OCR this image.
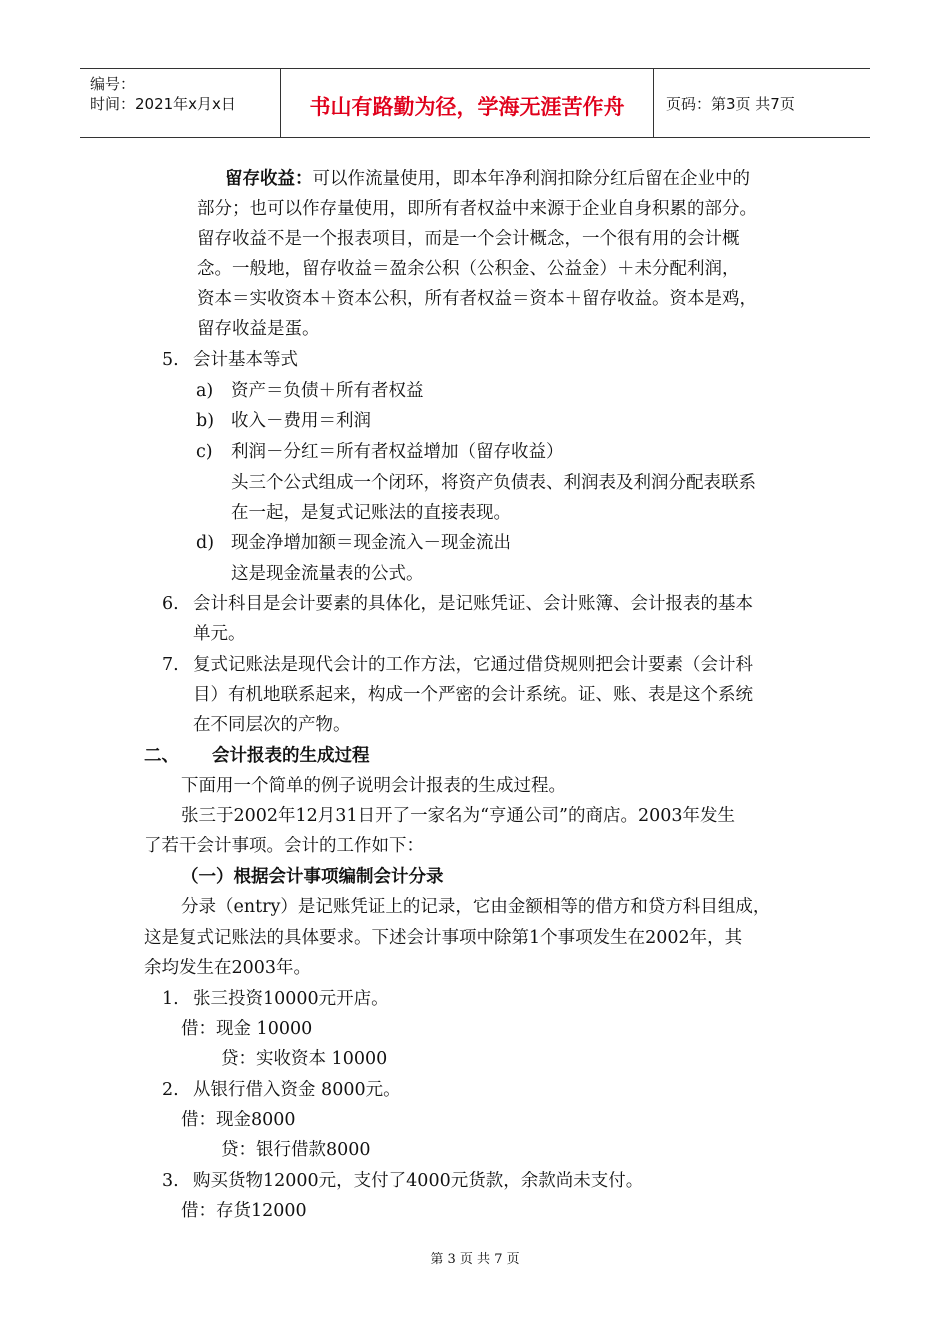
编号：
时间：2021年x月x日	书山有路勤为径，学海无涯苦作舟	页码：第3页 共7页
留存收益：可以作流量使用，即本年净利润扣除分红后留在企业中的
部分；也可以作存量使用，即所有者权益中来源于企业自身积累的部分。
留存收益不是一个报表项目，而是一个会计概念，一个很有用的会计概
念。一般地，留存收益＝盈余公积（公积金、公益金）＋未分配利润，
资本＝实收资本＋资本公积，所有者权益＝资本＋留存收益。资本是鸡，
留存收益是蛋。
5. 会计基本等式
a) 资产＝负债＋所有者权益
b) 收入－费用＝利润
c) 利润－分红＝所有者权益增加（留存收益）
头三个公式组成一个闭环，将资产负债表、利润表及利润分配表联系
在一起，是复式记账法的直接表现。
d) 现金净增加额＝现金流入－现金流出
这是现金流量表的公式。
6. 会计科目是会计要素的具体化，是记账凭证、会计账簿、会计报表的基本
单元。
7. 复式记账法是现代会计的工作方法，它通过借贷规则把会计要素（会计科
目）有机地联系起来，构成一个严密的会计系统。证、账、表是这个系统
在不同层次的产物。
二、 会计报表的生成过程
下面用一个简单的例子说明会计报表的生成过程。
张三于2002年12月31日开了一家名为“亨通公司”的商店。2003年发生
了若干会计事项。会计的工作如下：
（一）根据会计事项编制会计分录
分录（entry）是记账凭证上的记录，它由金额相等的借方和贷方科目组成，
这是复式记账法的具体要求。下述会计事项中除第1个事项发生在2002年，其
余均发生在2003年。
1. 张三投资10000元开店。
借：现金 10000
贷：实收资本 10000
2. 从银行借入资金 8000元。
借：现金8000
贷：银行借款8000
3. 购买货物12000元，支付了4000元货款，余款尚未支付。
借：存货12000
第 3 页 共 7 页
